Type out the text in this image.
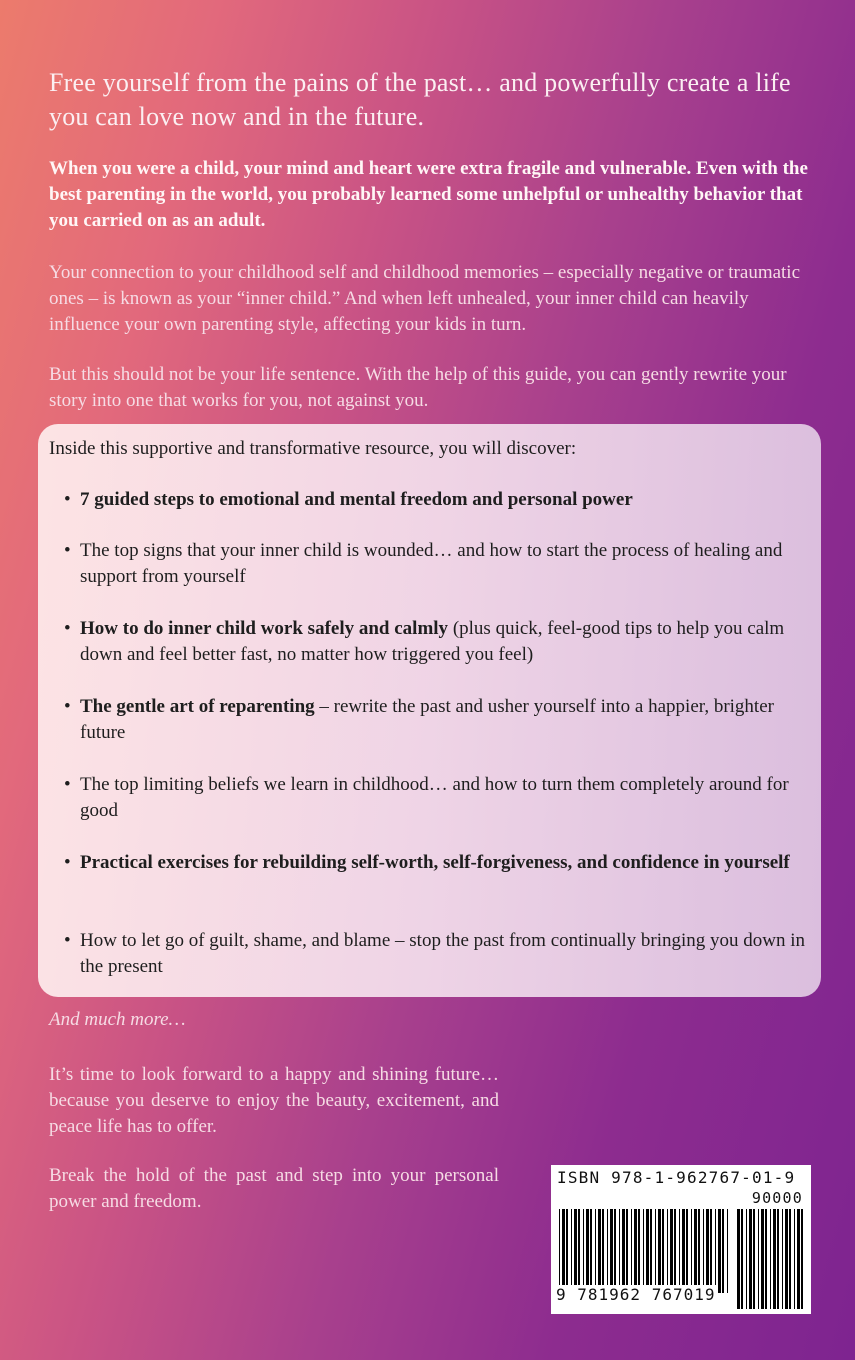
Free yourself from the pains of the past… and powerfully create a life you can love now and in the future.

When you were a child, your mind and heart were extra fragile and vulnerable. Even with the best parenting in the world, you probably learned some unhelpful or unhealthy behavior that you carried on as an adult.

Your connection to your childhood self and childhood memories – especially negative or traumatic ones – is known as your “inner child.” And when left unhealed, your inner child can heavily influence your own parenting style, affecting your kids in turn.

But this should not be your life sentence. With the help of this guide, you can gently rewrite your story into one that works for you, not against you.

Inside this supportive and transformative resource, you will discover:

• 7 guided steps to emotional and mental freedom and personal power
• The top signs that your inner child is wounded… and how to start the process of healing and support from yourself
• How to do inner child work safely and calmly (plus quick, feel-good tips to help you calm down and feel better fast, no matter how triggered you feel)
• The gentle art of reparenting – rewrite the past and usher yourself into a happier, brighter future
• The top limiting beliefs we learn in childhood… and how to turn them completely around for good
• Practical exercises for rebuilding self-worth, self-forgiveness, and confidence in yourself
• How to let go of guilt, shame, and blame – stop the past from continually bringing you down in the present

And much more…

It’s time to look forward to a happy and shining future… because you deserve to enjoy the beauty, excitement, and peace life has to offer.

Break the hold of the past and step into your personal power and freedom.

ISBN 978-1-962767-01-9
90000
9 781962 767019
